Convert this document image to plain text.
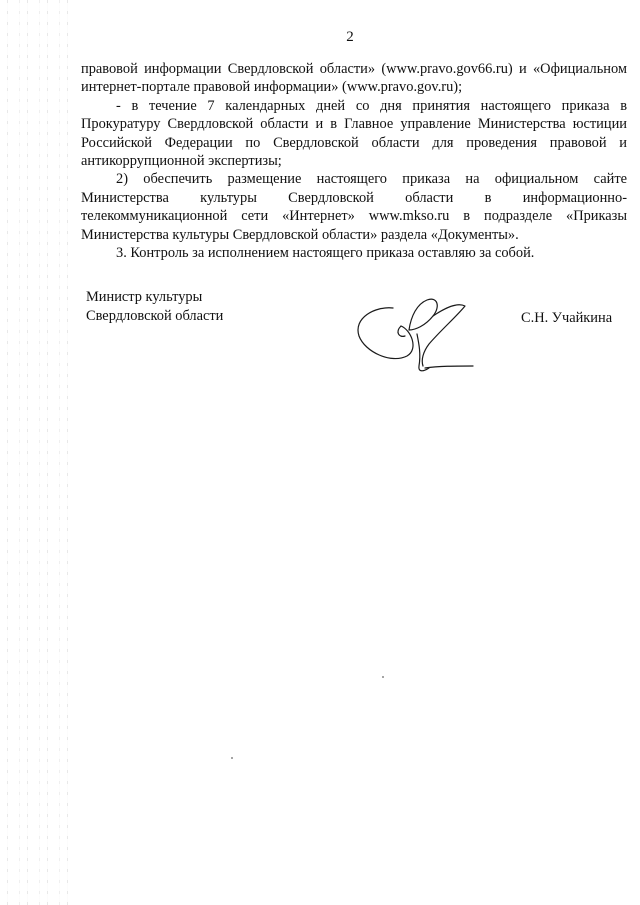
2

правовой информации Свердловской области» (www.pravo.gov66.ru) и «Официальном интернет-портале правовой информации» (www.pravo.gov.ru);

- в течение 7 календарных дней со дня принятия настоящего приказа в Прокуратуру Свердловской области и в Главное управление Министерства юстиции Российской Федерации по Свердловской области для проведения правовой и антикоррупционной экспертизы;

2) обеспечить размещение настоящего приказа на официальном сайте Министерства культуры Свердловской области в информационно-телекоммуникационной сети «Интернет» www.mkso.ru в подразделе «Приказы Министерства культуры Свердловской области» раздела «Документы».

3. Контроль за исполнением настоящего приказа оставляю за собой.

Министр культуры
Свердловской области	С.Н. Учайкина
